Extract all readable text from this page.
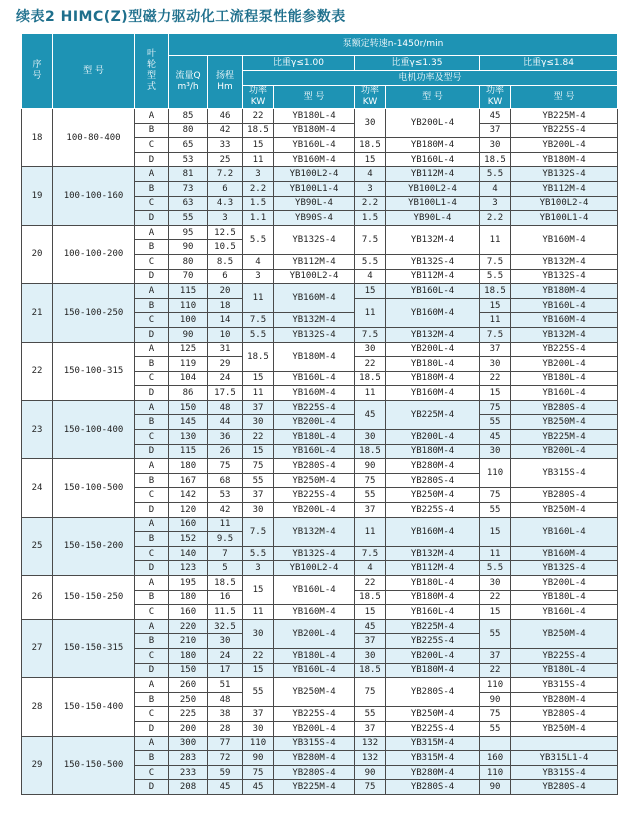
续表2 HIMC(Z)型磁力驱动化工流程泵性能参数表
序号	型 号	叶轮型式	泵额定转速n-1450r/min							
			流量Q m³/h	扬程 Hm	比重γ≤1.00		比重γ≤1.35		比重γ≤1.84	
					电机功率及型号					
					功率 KW	型 号	功率 KW	型 号	功率 KW	型 号
18	100-80-400	A	85	46	22	YB180L-4	30	YB200L-4	45	YB225M-4
		B	80	42	18.5	YB180M-4			37	YB225S-4
		C	65	33	15	YB160L-4	18.5	YB180M-4	30	YB200L-4
		D	53	25	11	YB160M-4	15	YB160L-4	18.5	YB180M-4
19	100-100-160	A	81	7.2	3	YB100L2-4	4	YB112M-4	5.5	YB132S-4
		B	73	6	2.2	YB100L1-4	3	YB100L2-4	4	YB112M-4
		C	63	4.3	1.5	YB90L-4	2.2	YB100L1-4	3	YB100L2-4
		D	55	3	1.1	YB90S-4	1.5	YB90L-4	2.2	YB100L1-4
20	100-100-200	A	95	12.5	5.5	YB132S-4	7.5	YB132M-4	11	YB160M-4
		B	90	10.5						
		C	80	8.5	4	YB112M-4	5.5	YB132S-4	7.5	YB132M-4
		D	70	6	3	YB100L2-4	4	YB112M-4	5.5	YB132S-4
21	150-100-250	A	115	20	11	YB160M-4	15	YB160L-4	18.5	YB180M-4
		B	110	18			11	YB160M-4	15	YB160L-4
		C	100	14	7.5	YB132M-4			11	YB160M-4
		D	90	10	5.5	YB132S-4	7.5	YB132M-4	7.5	YB132M-4
22	150-100-315	A	125	31	18.5	YB180M-4	30	YB200L-4	37	YB225S-4
		B	119	29			22	YB180L-4	30	YB200L-4
		C	104	24	15	YB160L-4	18.5	YB180M-4	22	YB180L-4
		D	86	17.5	11	YB160M-4	11	YB160M-4	15	YB160L-4
23	150-100-400	A	150	48	37	YB225S-4	45	YB225M-4	75	YB280S-4
		B	145	44	30	YB200L-4			55	YB250M-4
		C	130	36	22	YB180L-4	30	YB200L-4	45	YB225M-4
		D	115	26	15	YB160L-4	18.5	YB180M-4	30	YB200L-4
24	150-100-500	A	180	75	75	YB280S-4	90	YB280M-4	110	YB315S-4
		B	167	68	55	YB250M-4	75	YB280S-4		
		C	142	53	37	YB225S-4	55	YB250M-4	75	YB280S-4
		D	120	42	30	YB200L-4	37	YB225S-4	55	YB250M-4
25	150-150-200	A	160	11	7.5	YB132M-4	11	YB160M-4	15	YB160L-4
		B	152	9.5						
		C	140	7	5.5	YB132S-4	7.5	YB132M-4	11	YB160M-4
		D	123	5	3	YB100L2-4	4	YB112M-4	5.5	YB132S-4
26	150-150-250	A	195	18.5	15	YB160L-4	22	YB180L-4	30	YB200L-4
		B	180	16			18.5	YB180M-4	22	YB180L-4
		C	160	11.5	11	YB160M-4	15	YB160L-4	15	YB160L-4
27	150-150-315	A	220	32.5	30	YB200L-4	45	YB225M-4	55	YB250M-4
		B	210	30			37	YB225S-4		
		C	180	24	22	YB180L-4	30	YB200L-4	37	YB225S-4
		D	150	17	15	YB160L-4	18.5	YB180M-4	22	YB180L-4
28	150-150-400	A	260	51	55	YB250M-4	75	YB280S-4	110	YB315S-4
		B	250	48					90	YB280M-4
		C	225	38	37	YB225S-4	55	YB250M-4	75	YB280S-4
		D	200	28	30	YB200L-4	37	YB225S-4	55	YB250M-4
29	150-150-500	A	300	77	110	YB315S-4	132	YB315M-4		
		B	283	72	90	YB280M-4	132	YB315M-4	160	YB315L1-4
		C	233	59	75	YB280S-4	90	YB280M-4	110	YB315S-4
		D	208	45	45	YB225M-4	75	YB280S-4	90	YB280S-4
